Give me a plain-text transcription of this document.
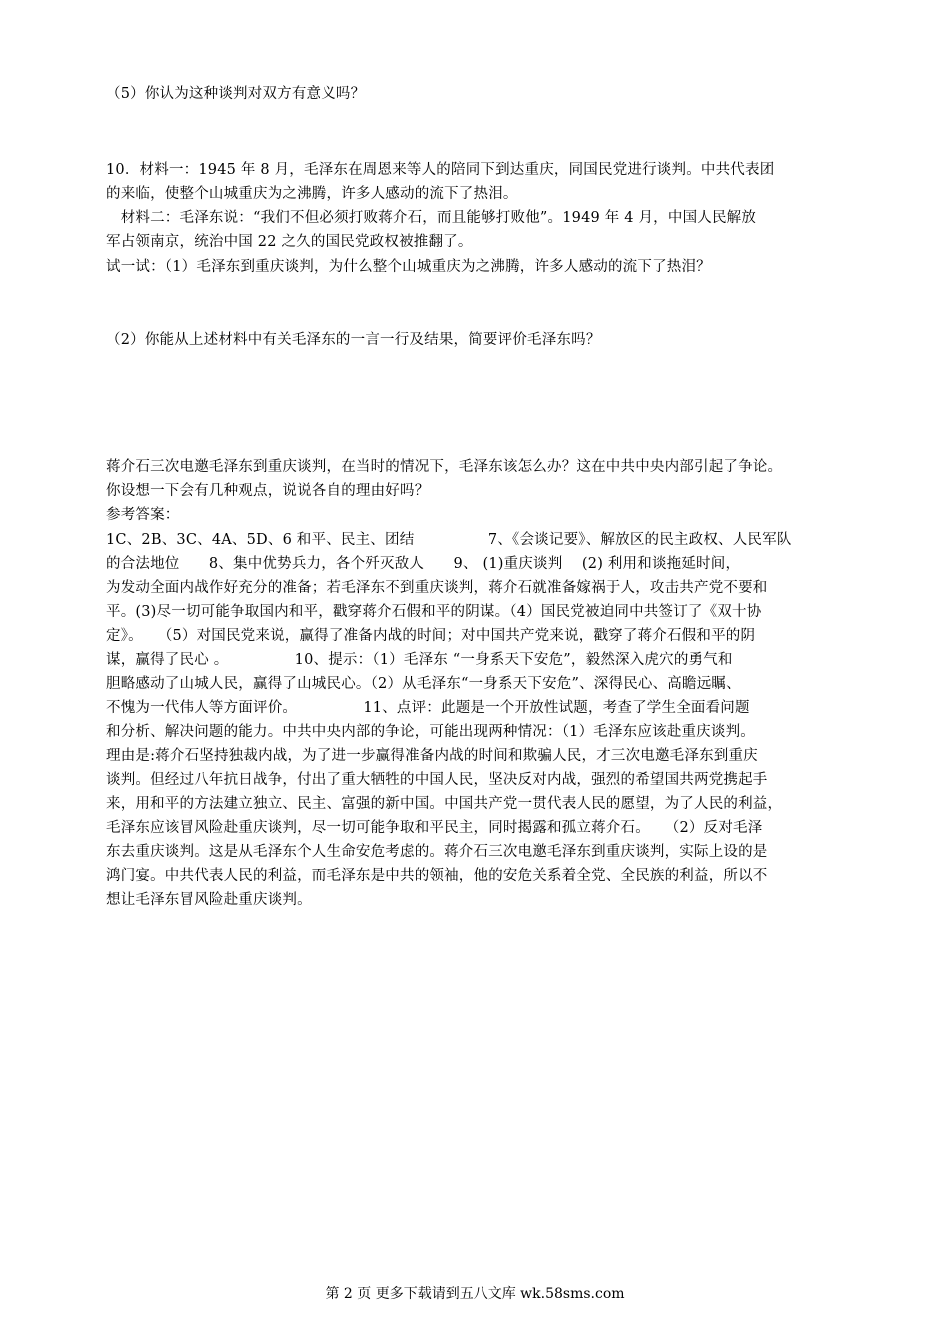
（5）你认为这种谈判对双方有意义吗？
10．材料一：1945 年 8 月，毛泽东在周恩来等人的陪同下到达重庆，同国民党进行谈判。中共代表团
的来临，使整个山城重庆为之沸腾，许多人感动的流下了热泪。
　材料二：毛泽东说：“我们不但必须打败蒋介石，而且能够打败他”。1949 年 4 月，中国人民解放
军占领南京，统治中国 22 之久的国民党政权被推翻了。
试一试：（1）毛泽东到重庆谈判，为什么整个山城重庆为之沸腾，许多人感动的流下了热泪？
（2）你能从上述材料中有关毛泽东的一言一行及结果，简要评价毛泽东吗？
蒋介石三次电邀毛泽东到重庆谈判，在当时的情况下，毛泽东该怎么办？这在中共中央内部引起了争论。
你设想一下会有几种观点，说说各自的理由好吗？
参考答案：
1C、2B、3C、4A、5D、6 和平、民主、团结　　　　　7、《会谈记要》、解放区的民主政权、人民军队
的合法地位　　8、集中优势兵力，各个歼灭敌人　　9、 (1)重庆谈判　 (2) 利用和谈拖延时间，
为发动全面内战作好充分的准备；若毛泽东不到重庆谈判，蒋介石就准备嫁祸于人，攻击共产党不要和
平。(3)尽一切可能争取国内和平，戳穿蒋介石假和平的阴谋。（4）国民党被迫同中共签订了《双十协
定》。　　（5）对国民党来说，赢得了准备内战的时间；对中国共产党来说，戳穿了蒋介石假和平的阴
谋，赢得了民心 。　　　　　10、提示：（1）毛泽东 “一身系天下安危”，毅然深入虎穴的勇气和
胆略感动了山城人民，赢得了山城民心。（2）从毛泽东“一身系天下安危”、深得民心、高瞻远瞩、
不愧为一代伟人等方面评价。　　　　　11、点评：此题是一个开放性试题，考查了学生全面看问题
和分析、解决问题的能力。中共中央内部的争论，可能出现两种情况：（1）毛泽东应该赴重庆谈判。
理由是:蒋介石坚持独裁内战，为了进一步赢得准备内战的时间和欺骗人民，才三次电邀毛泽东到重庆
谈判。但经过八年抗日战争，付出了重大牺牲的中国人民，坚决反对内战，强烈的希望国共两党携起手
来，用和平的方法建立独立、民主、富强的新中国。中国共产党一贯代表人民的愿望，为了人民的利益，
毛泽东应该冒风险赴重庆谈判，尽一切可能争取和平民主，同时揭露和孤立蒋介石。　　（2）反对毛泽
东去重庆谈判。这是从毛泽东个人生命安危考虑的。蒋介石三次电邀毛泽东到重庆谈判，实际上设的是
鸿门宴。中共代表人民的利益，而毛泽东是中共的领袖，他的安危关系着全党、全民族的利益，所以不
想让毛泽东冒风险赴重庆谈判。
第 2 页 更多下载请到五八文库 wk.58sms.com
